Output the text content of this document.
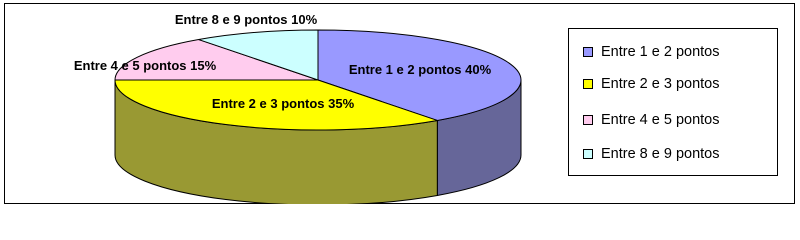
Entre 1 e 2 pontos 40%
Entre 2 e 3 pontos 35%
Entre 4 e 5 pontos 15%
Entre 8 e 9 pontos 10%
Entre 1 e 2 pontos
Entre 2 e 3 pontos
Entre 4 e 5 pontos
Entre 8 e 9 pontos
